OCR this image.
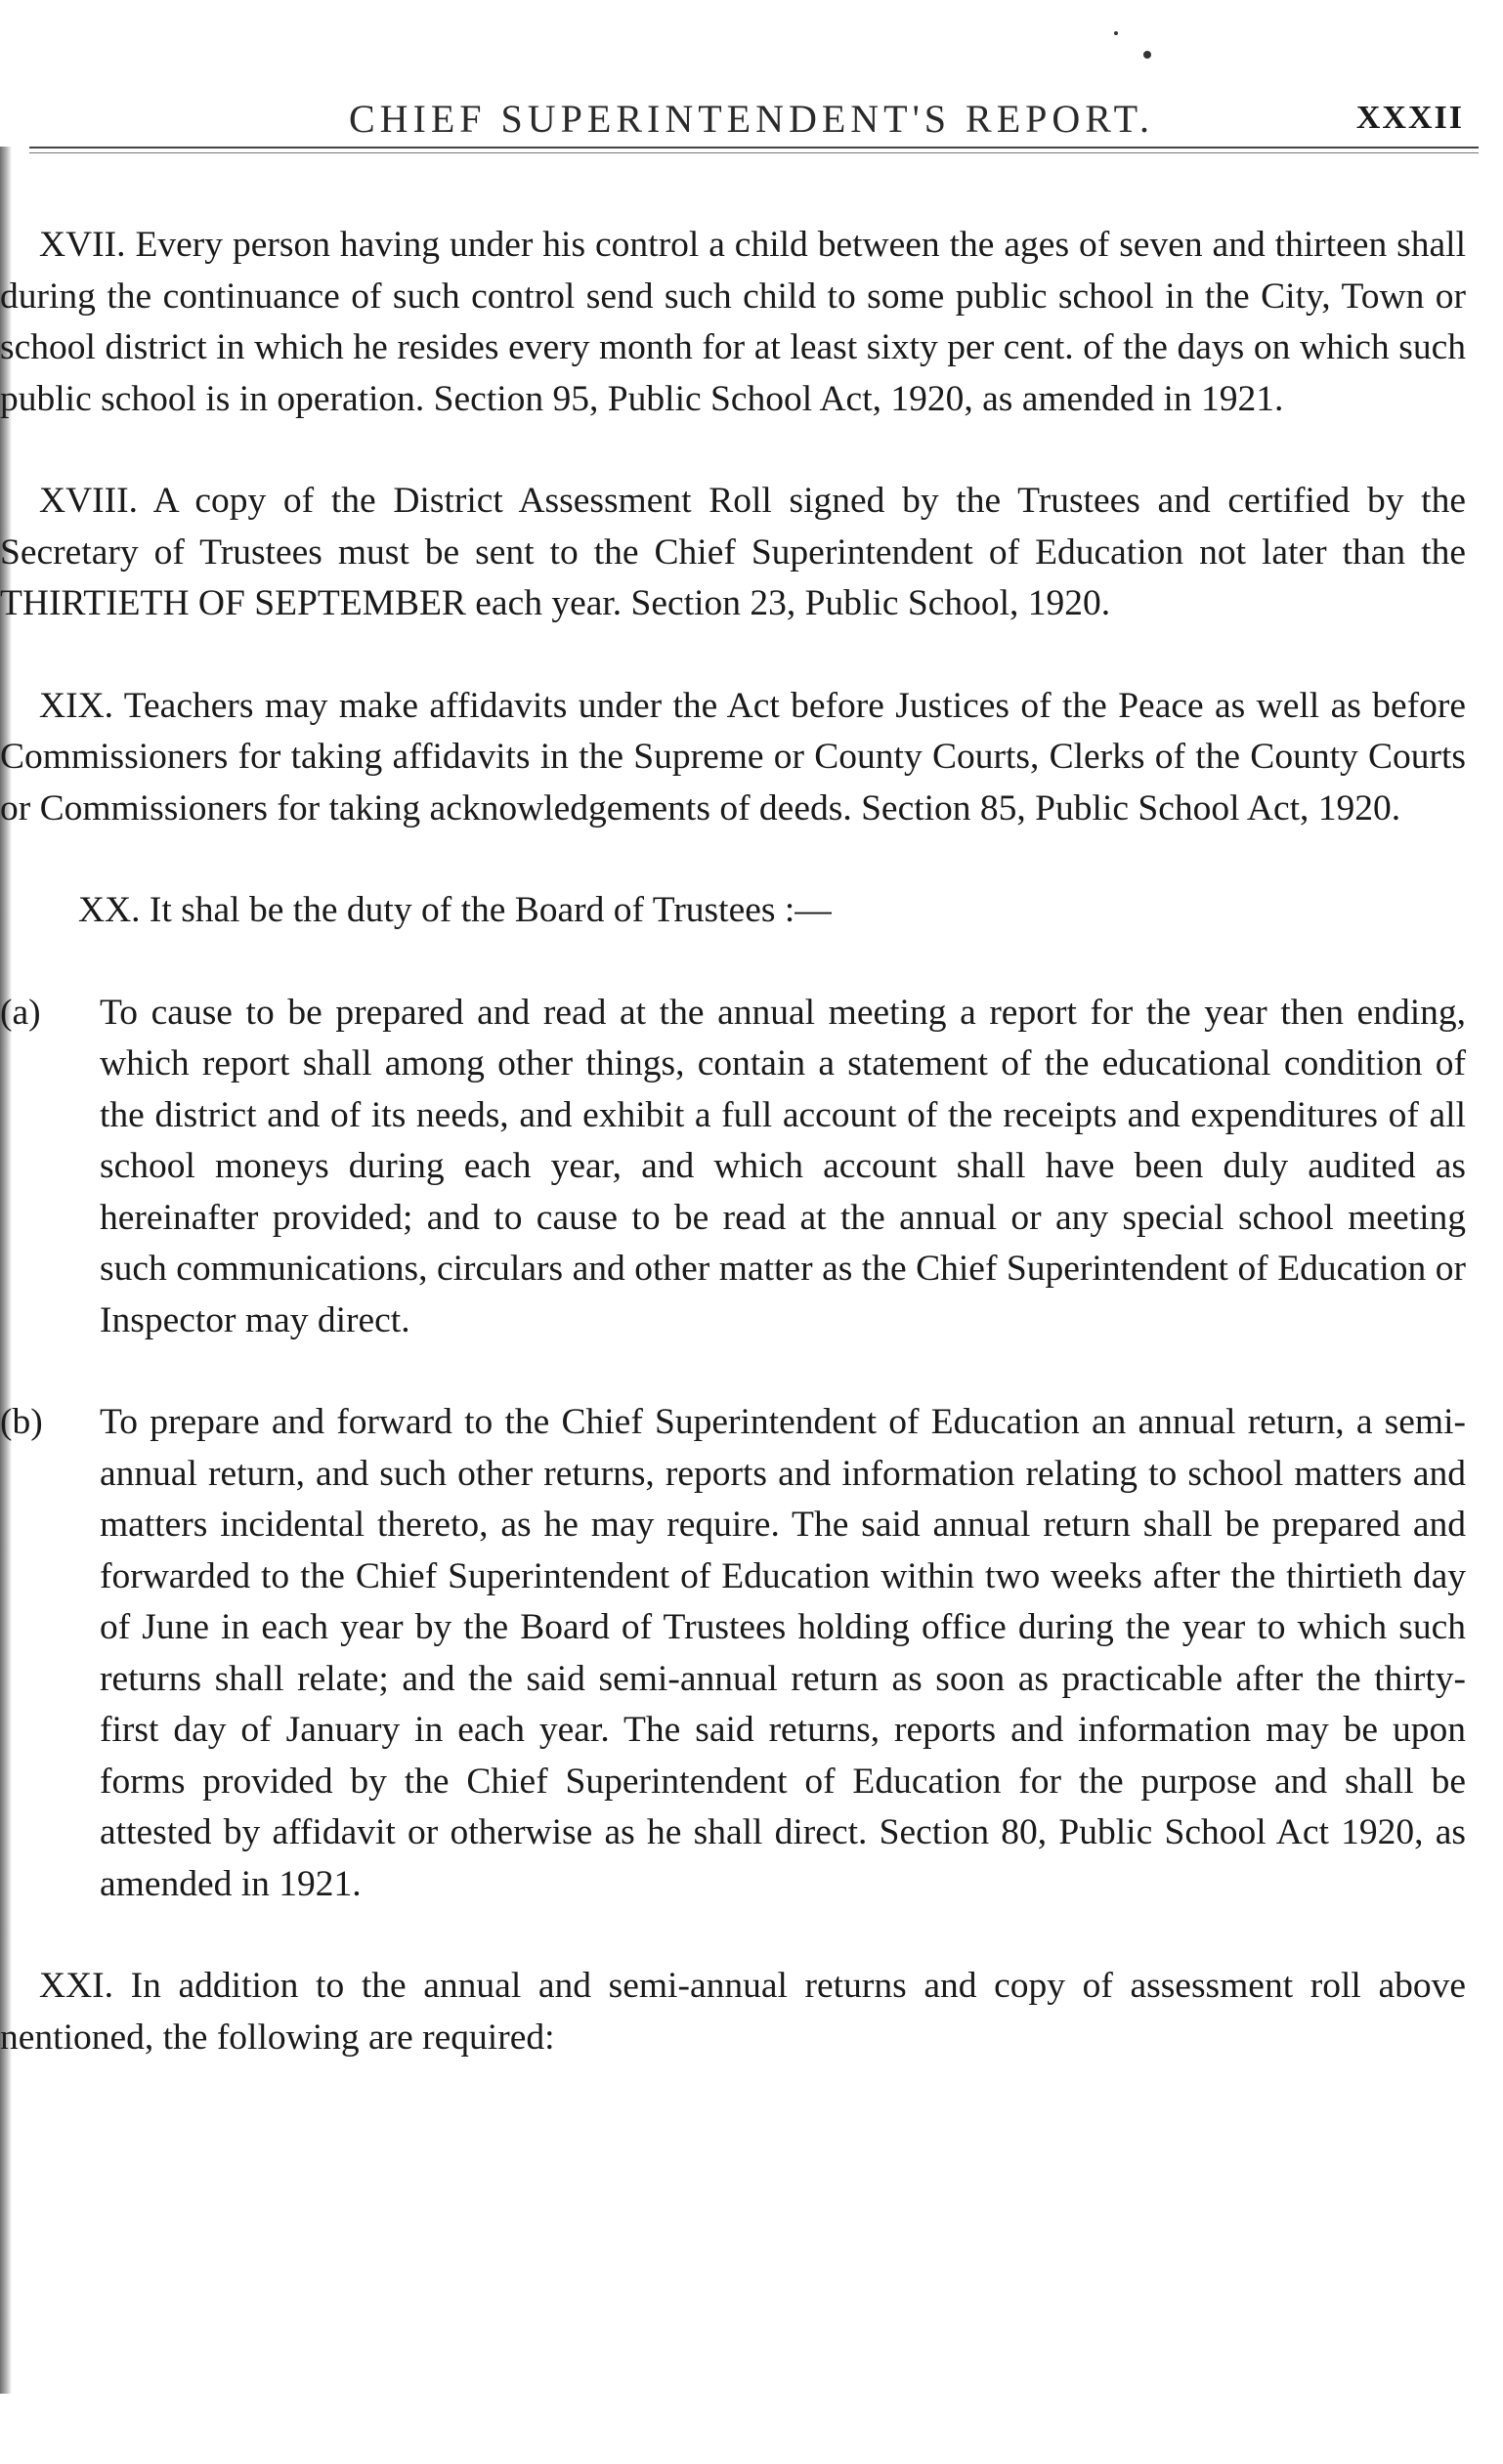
CHIEF SUPERINTENDENT'S REPORT.	XXXII

XVII. Every person having under his control a child between the ages of seven and thirteen shall during the continuance of such control send such child to some public school in the City, Town or school district in which he resides every month for at least sixty per cent. of the days on which such public school is in operation. Section 95, Public School Act, 1920, as amended in 1921.

XVIII. A copy of the District Assessment Roll signed by the Trustees and certified by the Secretary of Trustees must be sent to the Chief Superintendent of Education not later than the THIRTIETH OF SEPTEMBER each year. Section 23, Public School, 1920.

XIX. Teachers may make affidavits under the Act before Justices of the Peace as well as before Commissioners for taking affidavits in the Supreme or County Courts, Clerks of the County Courts or Commissioners for taking acknowledgements of deeds. Section 85, Public School Act, 1920.

XX. It shal be the duty of the Board of Trustees :—

(a) To cause to be prepared and read at the annual meeting a report for the year then ending, which report shall among other things, contain a statement of the educational condition of the district and of its needs, and exhibit a full account of the receipts and expenditures of all school moneys during each year, and which account shall have been duly audited as hereinafter provided; and to cause to be read at the annual or any special school meeting such communications, circulars and other matter as the Chief Superintendent of Education or Inspector may direct.
(b) To prepare and forward to the Chief Superintendent of Education an annual return, a semi-annual return, and such other returns, reports and information relating to school matters and matters incidental thereto, as he may require. The said annual return shall be prepared and forwarded to the Chief Superintendent of Education within two weeks after the thirtieth day of June in each year by the Board of Trustees holding office during the year to which such returns shall relate; and the said semi-annual return as soon as practicable after the thirty-first day of January in each year. The said returns, reports and information may be upon forms provided by the Chief Superintendent of Education for the purpose and shall be attested by affidavit or otherwise as he shall direct. Section 80, Public School Act 1920, as amended in 1921.

XXI. In addition to the annual and semi-annual returns and copy of assessment roll above nentioned, the following are required:
